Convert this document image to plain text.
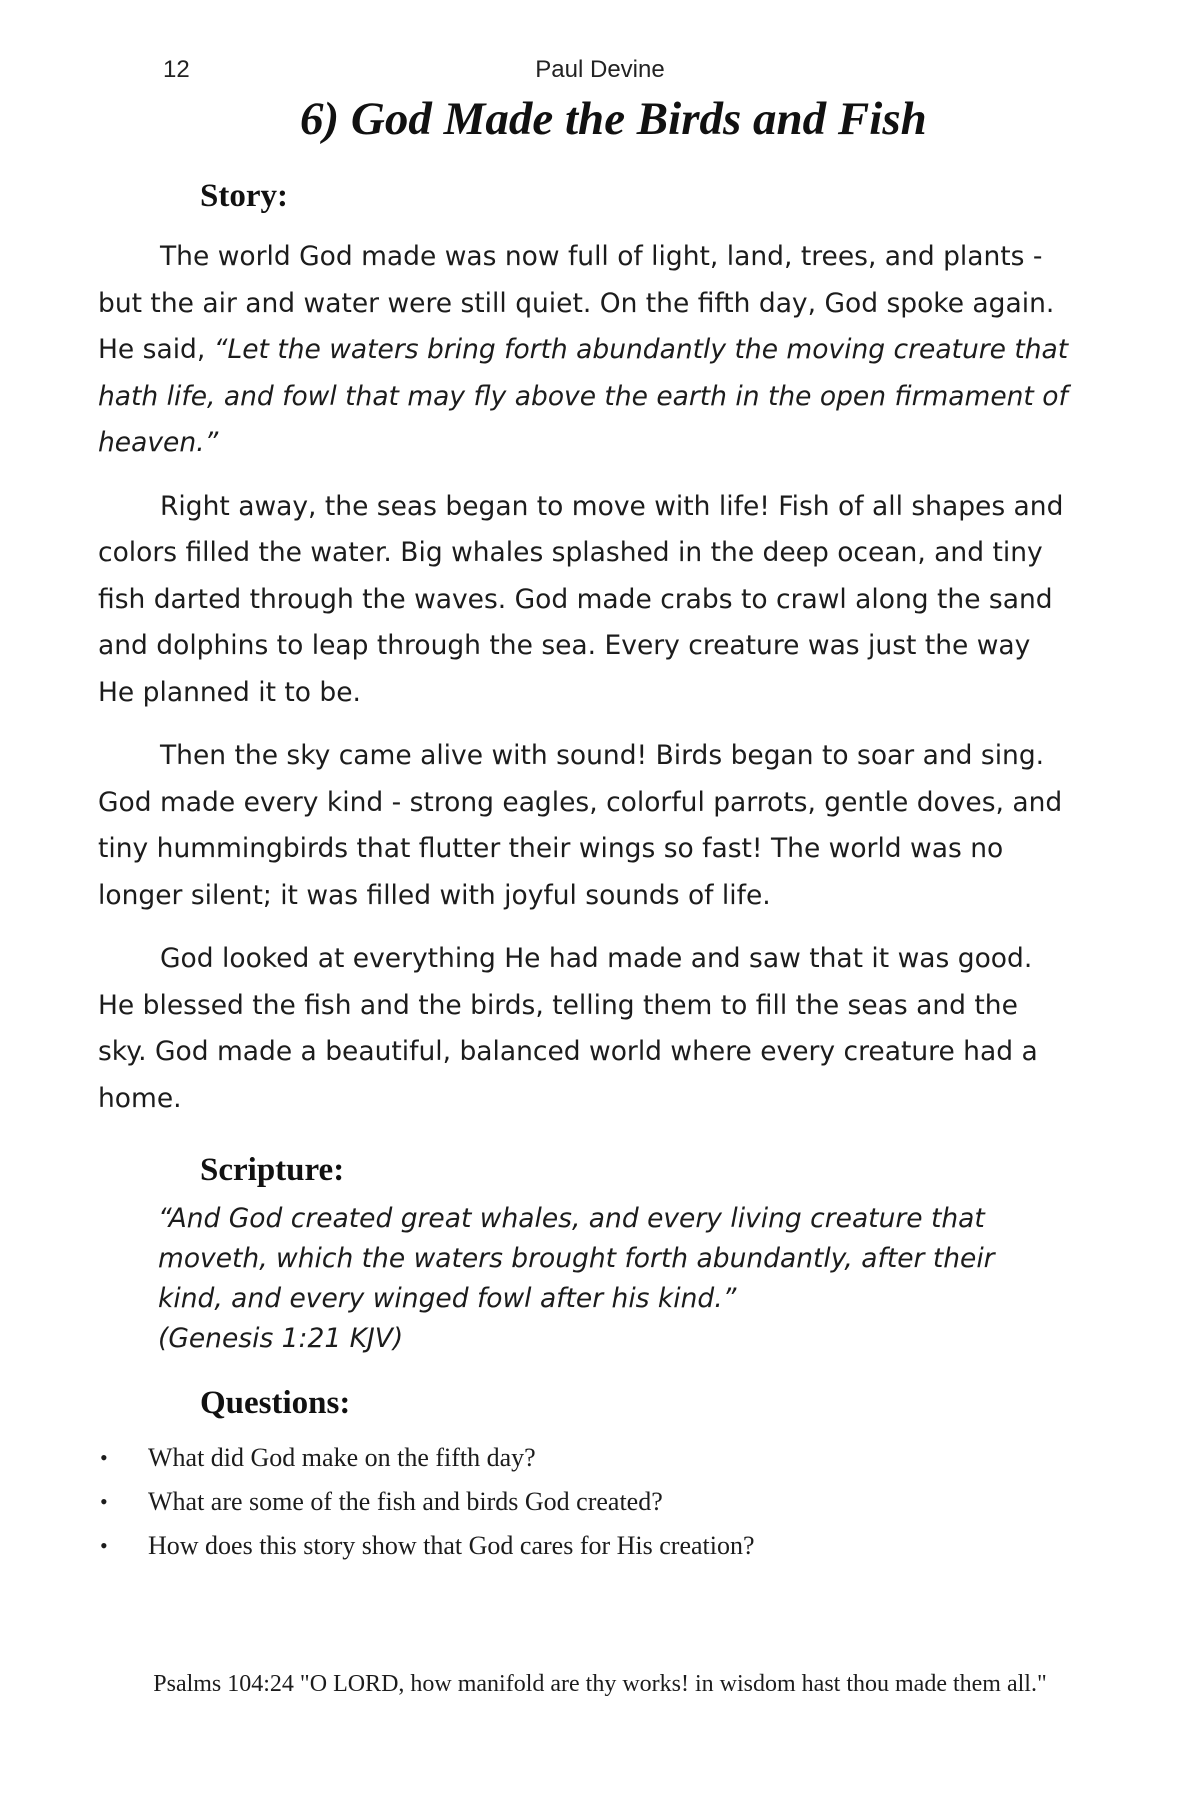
12	Paul Devine
6) God Made the Birds and Fish
Story:

The world God made was now full of light, land, trees, and plants - but the air and water were still quiet. On the fifth day, God spoke again. He said, “Let the waters bring forth abundantly the moving creature that hath life, and fowl that may fly above the earth in the open firmament of heaven.”

Right away, the seas began to move with life! Fish of all shapes and colors filled the water. Big whales splashed in the deep ocean, and tiny fish darted through the waves. God made crabs to crawl along the sand and dolphins to leap through the sea. Every creature was just the way He planned it to be.

Then the sky came alive with sound! Birds began to soar and sing. God made every kind - strong eagles, colorful parrots, gentle doves, and tiny hummingbirds that flutter their wings so fast! The world was no longer silent; it was filled with joyful sounds of life.

God looked at everything He had made and saw that it was good. He blessed the fish and the birds, telling them to fill the seas and the sky. God made a beautiful, balanced world where every creature had a home.

Scripture:
“And God created great whales, and every living creature that
moveth, which the waters brought forth abundantly, after their
kind, and every winged fowl after his kind.”
(Genesis 1:21 KJV)
Questions:
• What did God make on the fifth day?
• What are some of the fish and birds God created?
• How does this story show that God cares for His creation?
Psalms 104:24 "O LORD, how manifold are thy works! in wisdom hast thou made them all."
